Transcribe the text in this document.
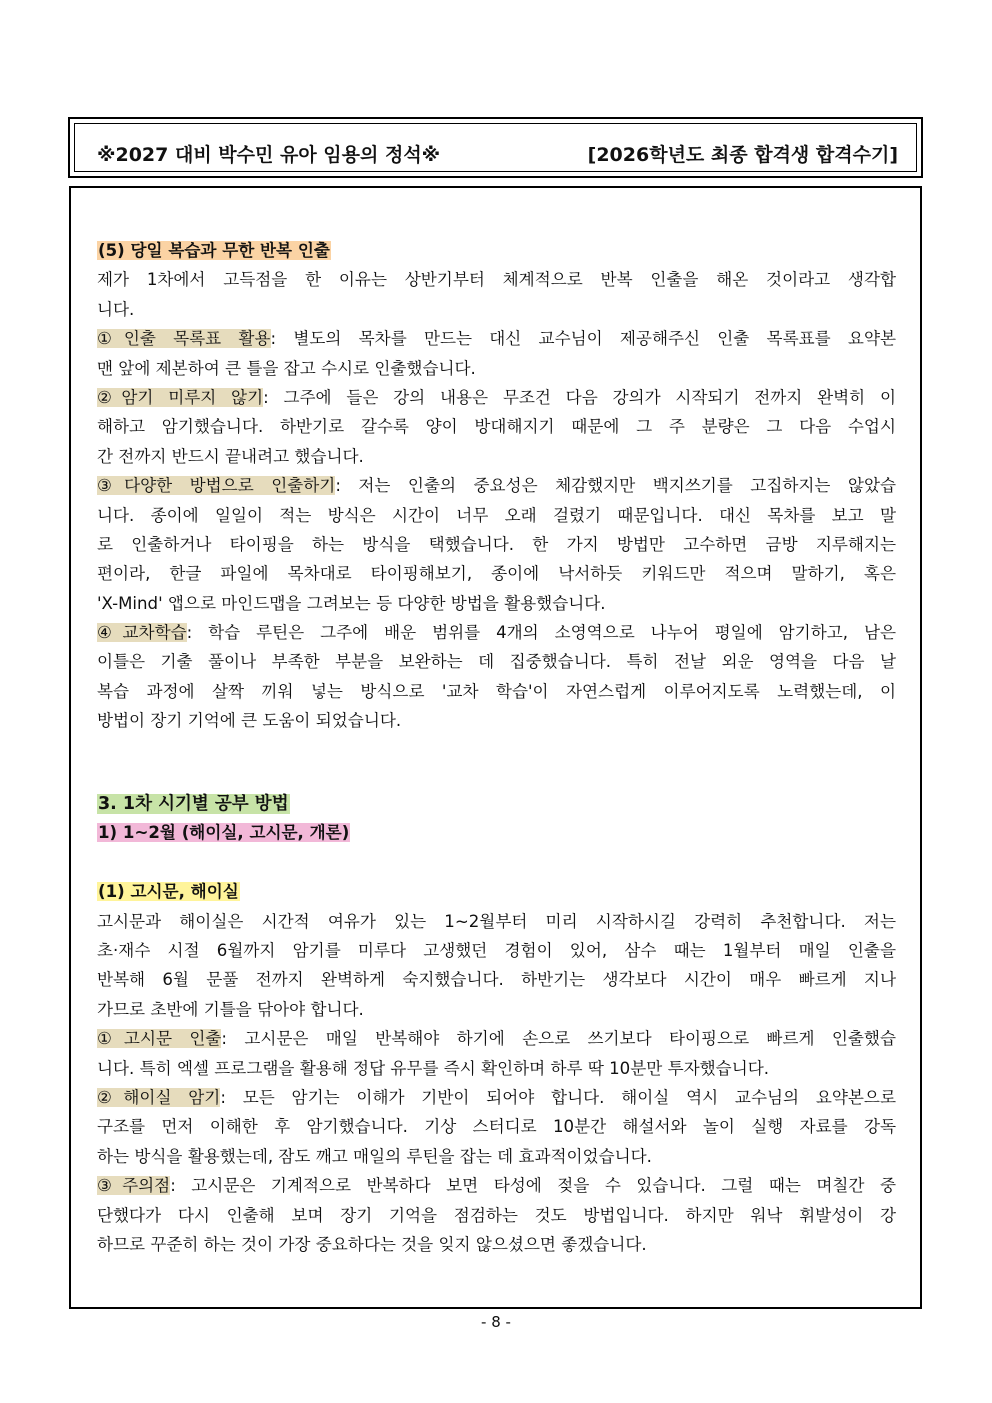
※2027 대비 박수민 유아 임용의 정석※	[2026학년도 최종 합격생 합격수기]
(5) 당일 복습과 무한 반복 인출
제가 1차에서 고득점을 한 이유는 상반기부터 체계적으로 반복 인출을 해온 것이라고 생각합
니다.
①인출 목록표 활용: 별도의 목차를 만드는 대신 교수님이 제공해주신 인출 목록표를 요약본
맨 앞에 제본하여 큰 틀을 잡고 수시로 인출했습니다.
②암기 미루지 않기: 그주에 들은 강의 내용은 무조건 다음 강의가 시작되기 전까지 완벽히 이
해하고 암기했습니다. 하반기로 갈수록 양이 방대해지기 때문에 그 주 분량은 그 다음 수업시
간 전까지 반드시 끝내려고 했습니다.
③다양한 방법으로 인출하기: 저는 인출의 중요성은 체감했지만 백지쓰기를 고집하지는 않았습
니다. 종이에 일일이 적는 방식은 시간이 너무 오래 걸렸기 때문입니다. 대신 목차를 보고 말
로 인출하거나 타이핑을 하는 방식을 택했습니다. 한 가지 방법만 고수하면 금방 지루해지는
편이라, 한글 파일에 목차대로 타이핑해보기, 종이에 낙서하듯 키워드만 적으며 말하기, 혹은
'X-Mind' 앱으로 마인드맵을 그려보는 등 다양한 방법을 활용했습니다.
④교차학습: 학습 루틴은 그주에 배운 범위를 4개의 소영역으로 나누어 평일에 암기하고, 남은
이틀은 기출 풀이나 부족한 부분을 보완하는 데 집중했습니다. 특히 전날 외운 영역을 다음 날
복습 과정에 살짝 끼워 넣는 방식으로 '교차 학습'이 자연스럽게 이루어지도록 노력했는데, 이
방법이 장기 기억에 큰 도움이 되었습니다.
3. 1차 시기별 공부 방법
1) 1~2월 (해이실, 고시문, 개론)
(1) 고시문, 해이실
고시문과 해이실은 시간적 여유가 있는 1~2월부터 미리 시작하시길 강력히 추천합니다. 저는
초·재수 시절 6월까지 암기를 미루다 고생했던 경험이 있어, 삼수 때는 1월부터 매일 인출을
반복해 6월 문풀 전까지 완벽하게 숙지했습니다. 하반기는 생각보다 시간이 매우 빠르게 지나
가므로 초반에 기틀을 닦아야 합니다.
①고시문 인출: 고시문은 매일 반복해야 하기에 손으로 쓰기보다 타이핑으로 빠르게 인출했습
니다. 특히 엑셀 프로그램을 활용해 정답 유무를 즉시 확인하며 하루 딱 10분만 투자했습니다.
②해이실 암기: 모든 암기는 이해가 기반이 되어야 합니다. 해이실 역시 교수님의 요약본으로
구조를 먼저 이해한 후 암기했습니다. 기상 스터디로 10분간 해설서와 놀이 실행 자료를 강독
하는 방식을 활용했는데, 잠도 깨고 매일의 루틴을 잡는 데 효과적이었습니다.
③주의점: 고시문은 기계적으로 반복하다 보면 타성에 젖을 수 있습니다. 그럴 때는 며칠간 중
단했다가 다시 인출해 보며 장기 기억을 점검하는 것도 방법입니다. 하지만 워낙 휘발성이 강
하므로 꾸준히 하는 것이 가장 중요하다는 것을 잊지 않으셨으면 좋겠습니다.
- 8 -
